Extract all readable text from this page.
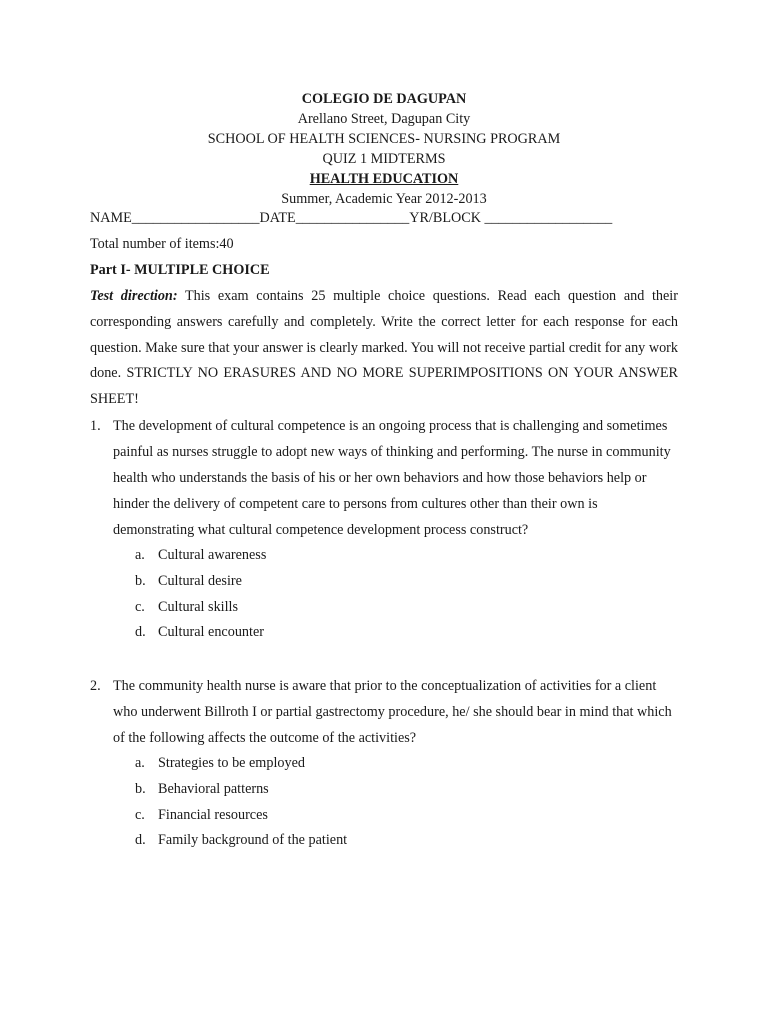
COLEGIO DE DAGUPAN
Arellano Street, Dagupan City
SCHOOL OF HEALTH SCIENCES- NURSING PROGRAM
QUIZ 1 MIDTERMS
HEALTH EDUCATION
Summer, Academic Year 2012-2013
NAME__________________DATE________________YR/BLOCK __________________
Total number of items:40
Part I- MULTIPLE CHOICE
Test direction: This exam contains 25 multiple choice questions. Read each question and their corresponding answers carefully and completely. Write the correct letter for each response for each question. Make sure that your answer is clearly marked. You will not receive partial credit for any work done. STRICTLY NO ERASURES AND NO MORE SUPERIMPOSITIONS ON YOUR ANSWER SHEET!
1. The development of cultural competence is an ongoing process that is challenging and sometimes painful as nurses struggle to adopt new ways of thinking and performing. The nurse in community health who understands the basis of his or her own behaviors and how those behaviors help or hinder the delivery of competent care to persons from cultures other than their own is demonstrating what cultural competence development process construct?
a. Cultural awareness
b. Cultural desire
c. Cultural skills
d. Cultural encounter
2. The community health nurse is aware that prior to the conceptualization of activities for a client who underwent Billroth I or partial gastrectomy procedure, he/ she should bear in mind that which of the following affects the outcome of the activities?
a. Strategies to be employed
b. Behavioral patterns
c. Financial resources
d. Family background of the patient
